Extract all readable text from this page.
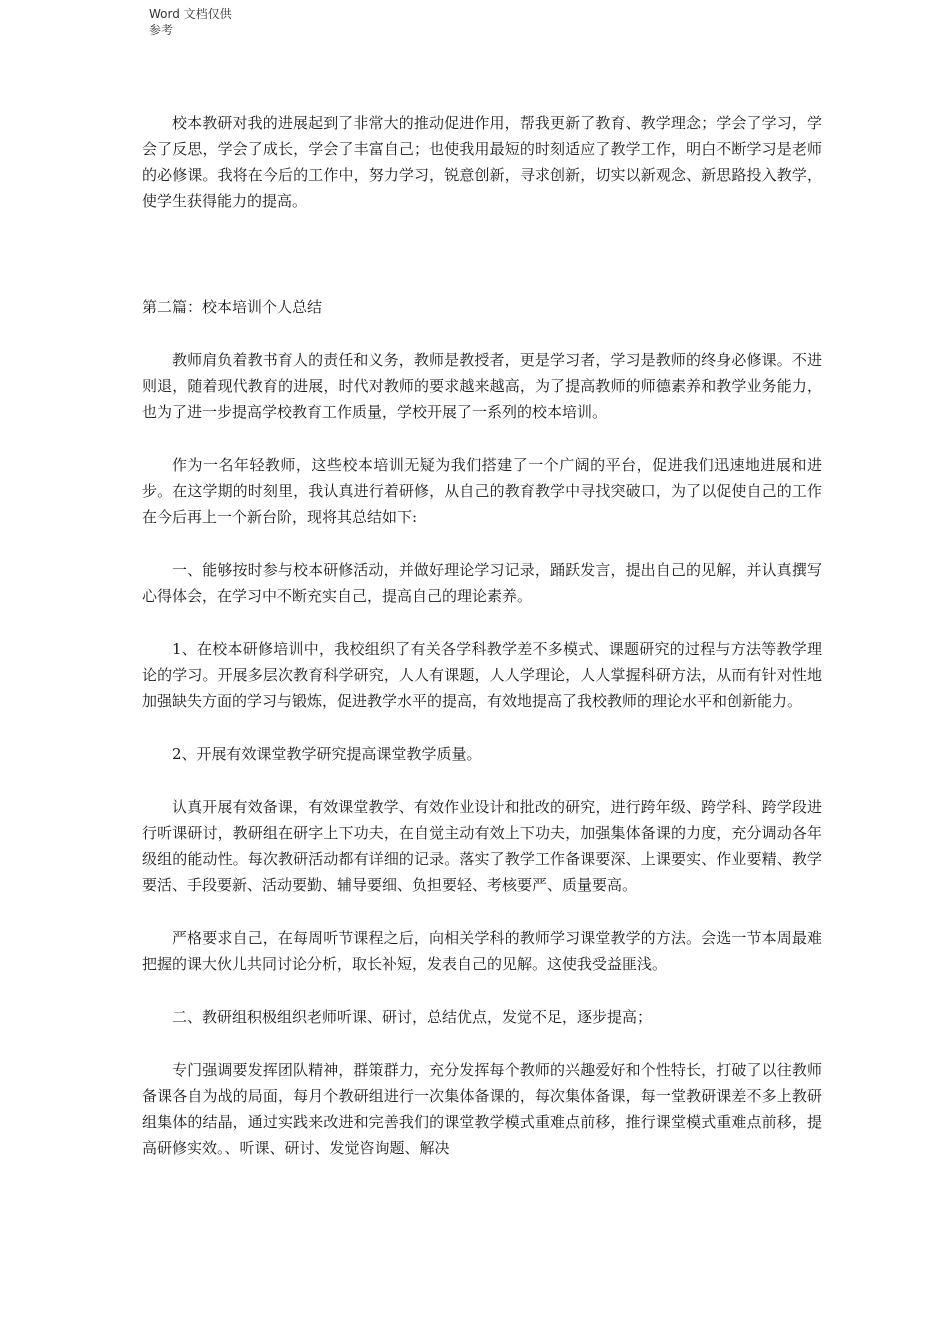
Word 文档仅供参考

校本教研对我的进展起到了非常大的推动促进作用，帮我更新了教育、教学理念；学会了学习，学会了反思，学会了成长，学会了丰富自己；也使我用最短的时刻适应了教学工作，明白不断学习是老师的必修课。我将在今后的工作中，努力学习，锐意创新，寻求创新，切实以新观念、新思路投入教学，使学生获得能力的提高。

第二篇：校本培训个人总结

教师肩负着教书育人的责任和义务，教师是教授者，更是学习者，学习是教师的终身必修课。不进则退，随着现代教育的进展，时代对教师的要求越来越高，为了提高教师的师德素养和教学业务能力，也为了进一步提高学校教育工作质量，学校开展了一系列的校本培训。

作为一名年轻教师，这些校本培训无疑为我们搭建了一个广阔的平台，促进我们迅速地进展和进步。在这学期的时刻里，我认真进行着研修，从自己的教育教学中寻找突破口，为了以促使自己的工作在今后再上一个新台阶，现将其总结如下:

一、能够按时参与校本研修活动，并做好理论学习记录，踊跃发言，提出自己的见解，并认真撰写心得体会，在学习中不断充实自己，提高自己的理论素养。

1、在校本研修培训中，我校组织了有关各学科教学差不多模式、课题研究的过程与方法等教学理论的学习。开展多层次教育科学研究，人人有课题，人人学理论，人人掌握科研方法，从而有针对性地加强缺失方面的学习与锻炼，促进教学水平的提高，有效地提高了我校教师的理论水平和创新能力。

2、开展有效课堂教学研究提高课堂教学质量。

认真开展有效备课，有效课堂教学、有效作业设计和批改的研究，进行跨年级、跨学科、跨学段进行听课研讨，教研组在研字上下功夫，在自觉主动有效上下功夫，加强集体备课的力度，充分调动各年级组的能动性。每次教研活动都有详细的记录。落实了教学工作备课要深、上课要实、作业要精、教学要活、手段要新、活动要勤、辅导要细、负担要轻、考核要严、质量要高。

严格要求自己，在每周听节课程之后，向相关学科的教师学习课堂教学的方法。会选一节本周最难把握的课大伙儿共同讨论分析，取长补短，发表自己的见解。这使我受益匪浅。

二、教研组积极组织老师听课、研讨，总结优点，发觉不足，逐步提高；

专门强调要发挥团队精神，群策群力，充分发挥每个教师的兴趣爱好和个性特长，打破了以往教师备课各自为战的局面，每月个教研组进行一次集体备课的，每次集体备课，每一堂教研课差不多上教研组集体的结晶，通过实践来改进和完善我们的课堂教学模式重难点前移，推行课堂模式重难点前移，提高研修实效。、听课、研讨、发觉咨询题、解决
